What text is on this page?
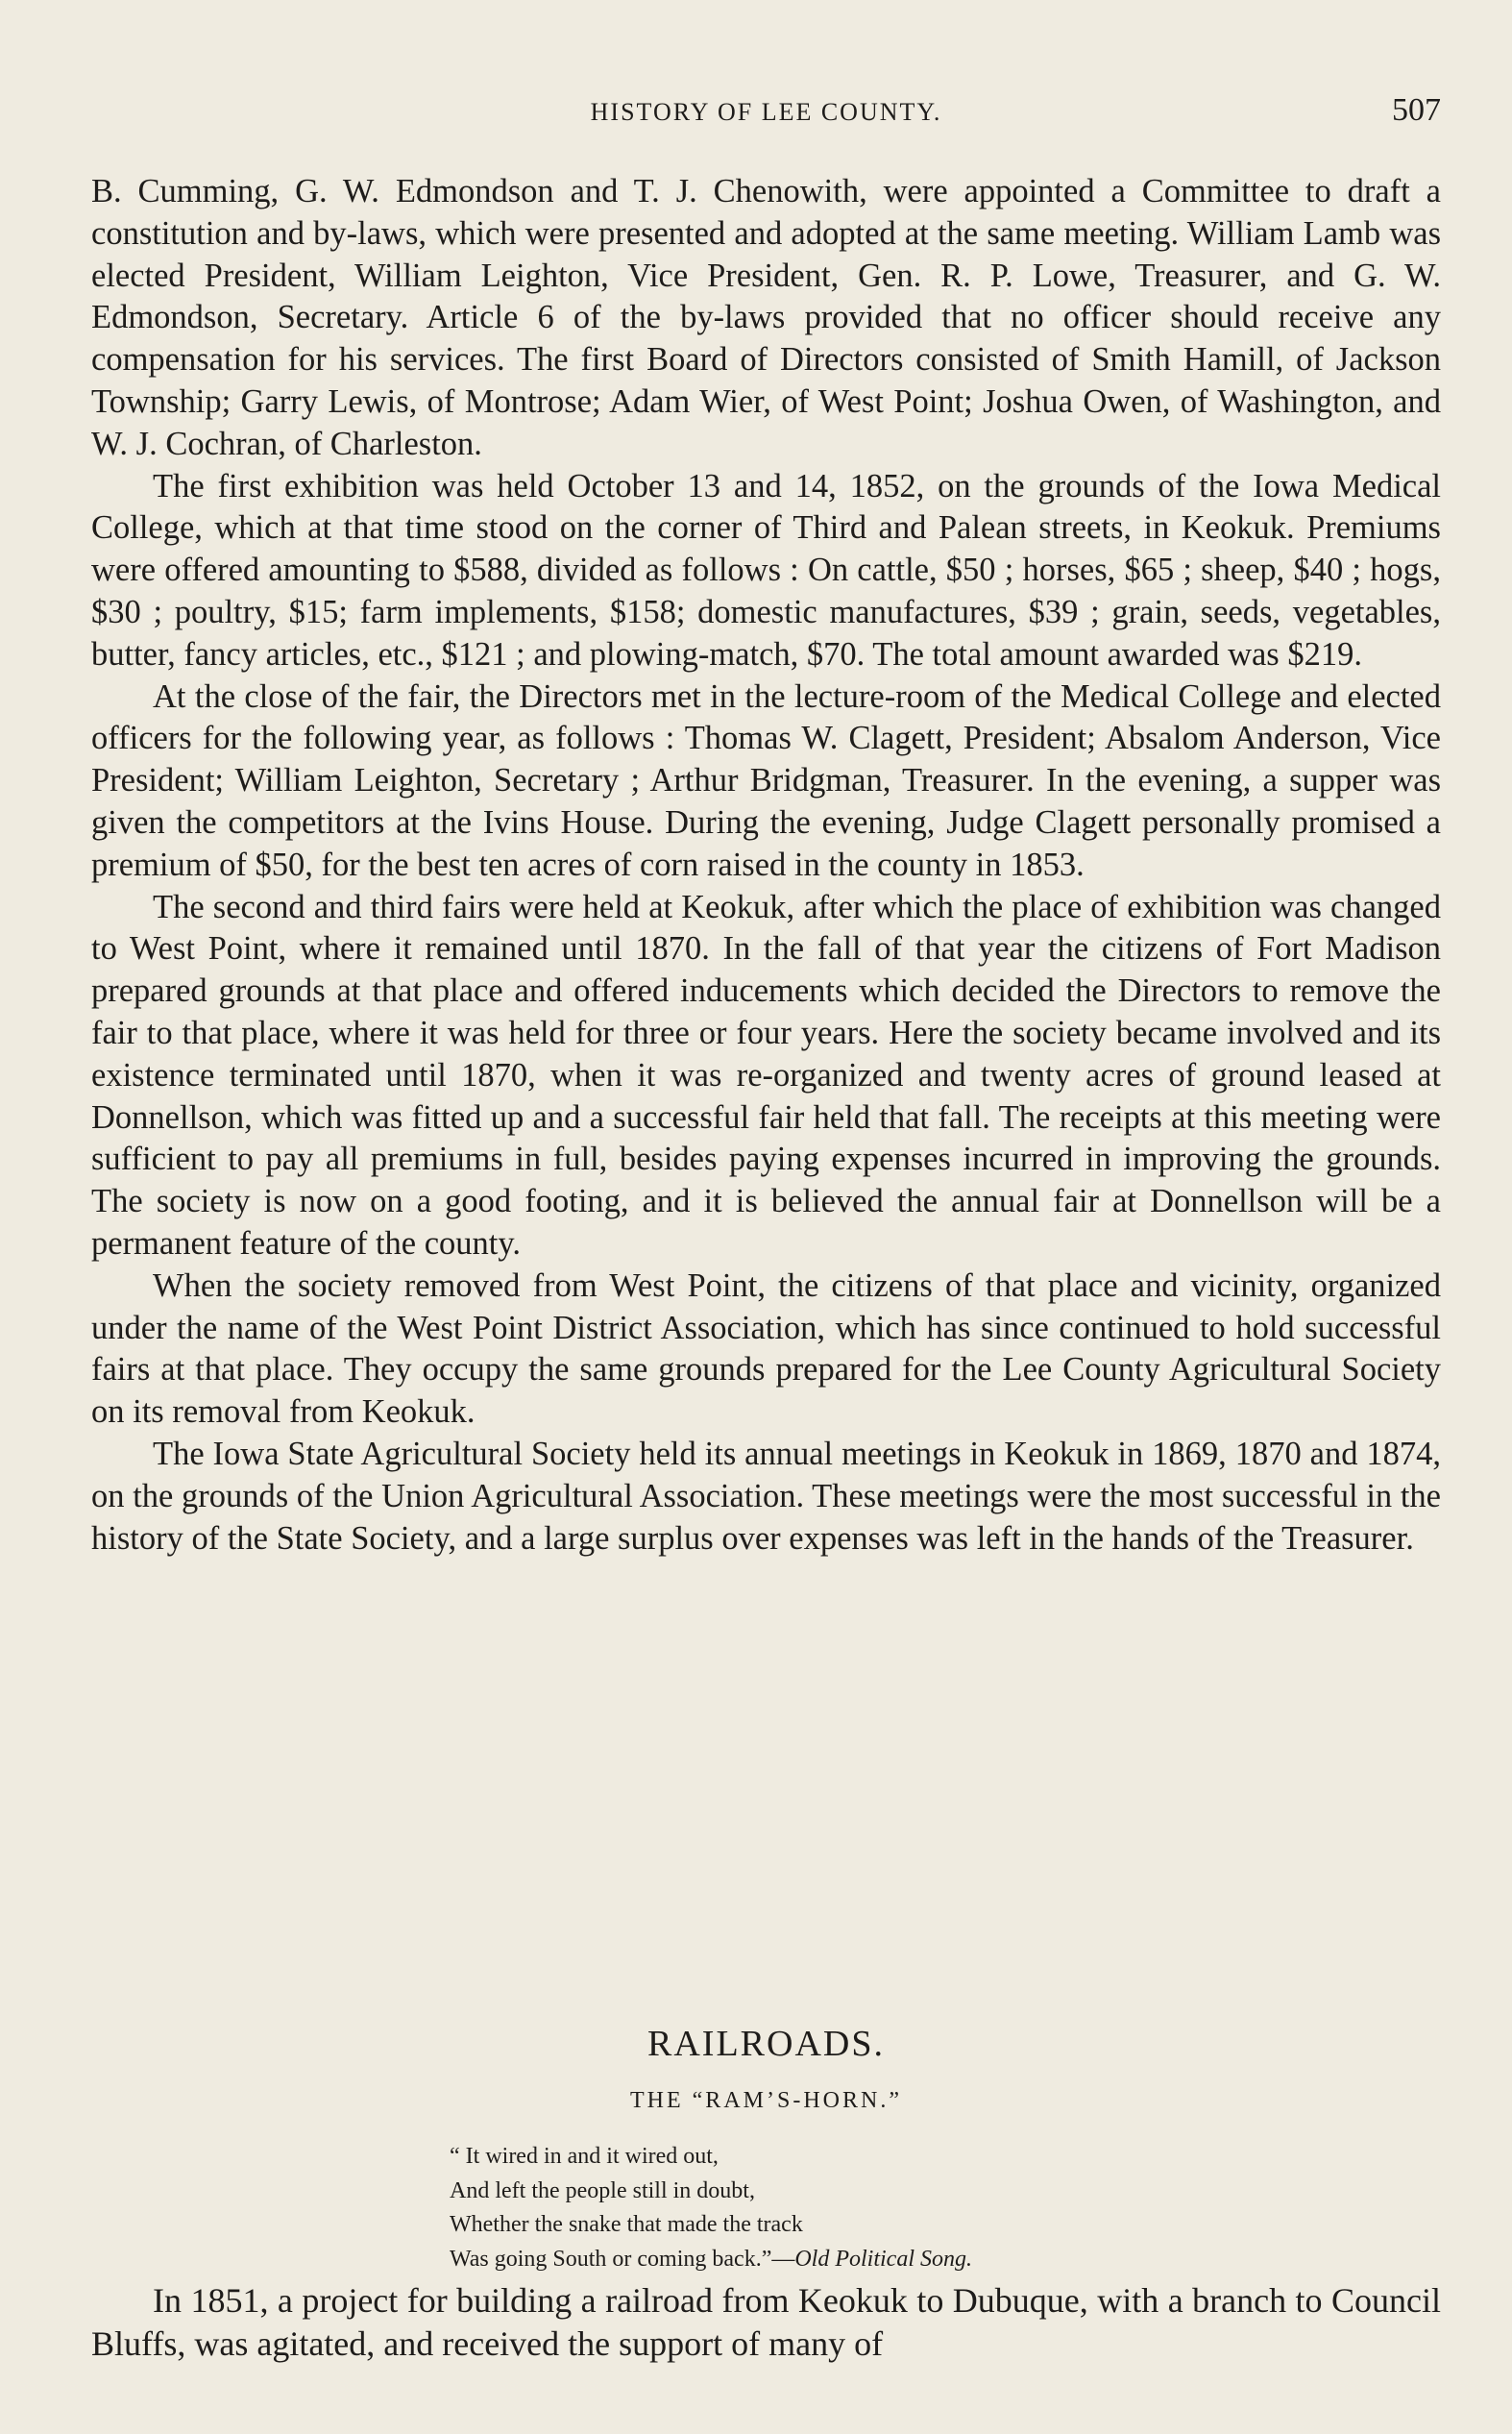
HISTORY OF LEE COUNTY.	507

B. Cumming, G. W. Edmondson and T. J. Chenowith, were appointed a Committee to draft a constitution and by-laws, which were presented and adopted at the same meeting. William Lamb was elected President, William Leighton, Vice President, Gen. R. P. Lowe, Treasurer, and G. W. Edmondson, Secretary. Article 6 of the by-laws provided that no officer should receive any compensation for his services. The first Board of Directors consisted of Smith Hamill, of Jackson Township; Garry Lewis, of Montrose; Adam Wier, of West Point; Joshua Owen, of Washington, and W. J. Cochran, of Charleston.

The first exhibition was held October 13 and 14, 1852, on the grounds of the Iowa Medical College, which at that time stood on the corner of Third and Palean streets, in Keokuk. Premiums were offered amounting to $588, divided as follows : On cattle, $50 ; horses, $65 ; sheep, $40 ; hogs, $30 ; poultry, $15; farm implements, $158; domestic manufactures, $39 ; grain, seeds, vegetables, butter, fancy articles, etc., $121 ; and plowing-match, $70. The total amount awarded was $219.

At the close of the fair, the Directors met in the lecture-room of the Medical College and elected officers for the following year, as follows : Thomas W. Clagett, President; Absalom Anderson, Vice President; William Leighton, Secretary ; Arthur Bridgman, Treasurer. In the evening, a supper was given the competitors at the Ivins House. During the evening, Judge Clagett personally promised a premium of $50, for the best ten acres of corn raised in the county in 1853.

The second and third fairs were held at Keokuk, after which the place of exhibition was changed to West Point, where it remained until 1870. In the fall of that year the citizens of Fort Madison prepared grounds at that place and offered inducements which decided the Directors to remove the fair to that place, where it was held for three or four years. Here the society became involved and its existence terminated until 1870, when it was re-organized and twenty acres of ground leased at Donnellson, which was fitted up and a successful fair held that fall. The receipts at this meeting were sufficient to pay all premiums in full, besides paying expenses incurred in improving the grounds. The society is now on a good footing, and it is believed the annual fair at Donnellson will be a permanent feature of the county.

When the society removed from West Point, the citizens of that place and vicinity, organized under the name of the West Point District Association, which has since continued to hold successful fairs at that place. They occupy the same grounds prepared for the Lee County Agricultural Society on its removal from Keokuk.

The Iowa State Agricultural Society held its annual meetings in Keokuk in 1869, 1870 and 1874, on the grounds of the Union Agricultural Association. These meetings were the most successful in the history of the State Society, and a large surplus over expenses was left in the hands of the Treasurer.

RAILROADS.
THE “RAM’S-HORN.”
“ It wired in and it wired out,
And left the people still in doubt,
Whether the snake that made the track
Was going South or coming back.”—Old Political Song.

In 1851, a project for building a railroad from Keokuk to Dubuque, with a branch to Council Bluffs, was agitated, and received the support of many of
